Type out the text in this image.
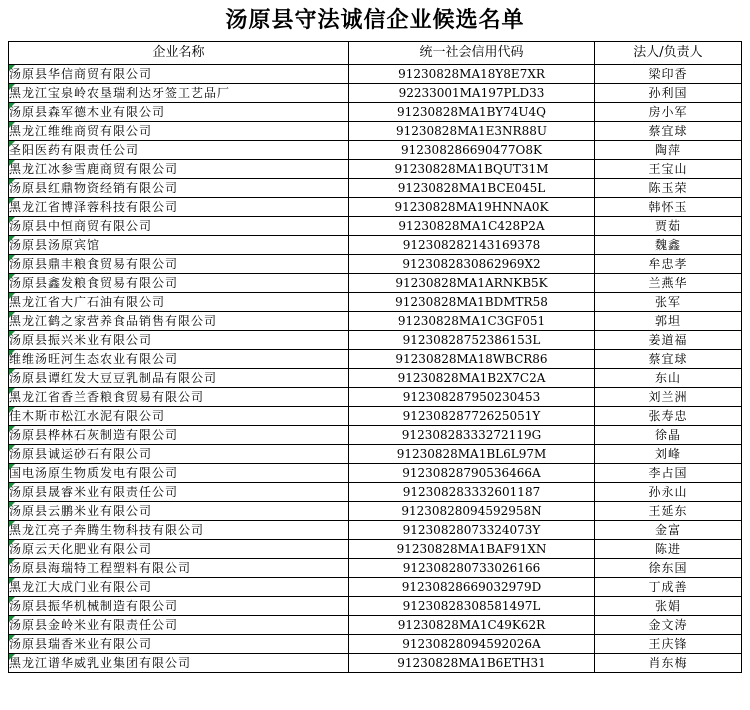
汤原县守法诚信企业候选名单
企业名称	统一社会信用代码	法人/负责人

汤原县华信商贸有限公司	91230828MA18Y8E7XR	梁印香

黑龙江宝泉岭农垦瑞利达牙签工艺品厂	92233001MA197PLD33	孙利国

汤原县森军德木业有限公司	91230828MA1BY74U4Q	房小军

黑龙江维维商贸有限公司	91230828MA1E3NR88U	蔡宜球

圣阳医药有限责任公司	912308286690477O8K	陶萍

黑龙江冰参雪鹿商贸有限公司	91230828MA1BQUT31M	王宝山

汤原县红鼎物资经销有限公司	91230828MA1BCE045L	陈玉荣

黑龙江省博泽蓉科技有限公司	91230828MA19HNNA0K	韩怀玉

汤原县中恒商贸有限公司	91230828MA1C428P2A	贾茹

汤原县汤原宾馆	912308282143169378	魏鑫

汤原县鼎丰粮食贸易有限公司	91230828308629​69X2	牟忠孝

汤原县鑫发粮食贸易有限公司	91230828MA1ARNKB5K	兰燕华

黑龙江省大广石油有限公司	91230828MA1BDMTR58	张军

黑龙江鹤之家营养食品销售有限公司	91230828MA1C3GF051	郭坦

汤原县振兴米业有限公司	912308287523861​53L	姜道福

维维汤旺河生态农业有限公司	91230828MA18WBCR86	蔡宜球

汤原县谭红发大豆豆乳制品有限公司	91230828MA1B2X7C2A	东山

黑龙江省香兰香粮食贸易有限公司	912308287950230453	刘兰洲

佳木斯市松江水泥有限公司	91230828772625051Y	张寿忠

汤原县桦林石灰制造有限公司	912308283332721​19G	徐晶

汤原县诚运砂石有限公司	91230828MA1BL6L97M	刘峰

国电汤原生物质发电有限公司	91230828790536466A	李占国

汤原县晟睿米业有限责任公司	912308283332601187	孙永山

汤原县云鹏米业有限公司	91230828094592958N	王延东

黑龙江亮子奔腾生物科技有限公司	91230828073324073Y	金富

汤原云天化肥业有限公司	91230828MA1BAF91XN	陈进

汤原县海瑞特工程塑料有限公司	912308280733026166	徐东国

黑龙江大成门业有限公司	91230828669032979D	丁成善

汤原县振华机械制造有限公司	91230828308581497L	张娟

汤原县金岭米业有限责任公司	91230828MA1C49K62R	金文涛

汤原县瑞香米业有限公司	91230828094592026A	王庆锋

黑龙江谱华威乳业集团有限公司	91230828MA1B6ETH31	肖东梅
